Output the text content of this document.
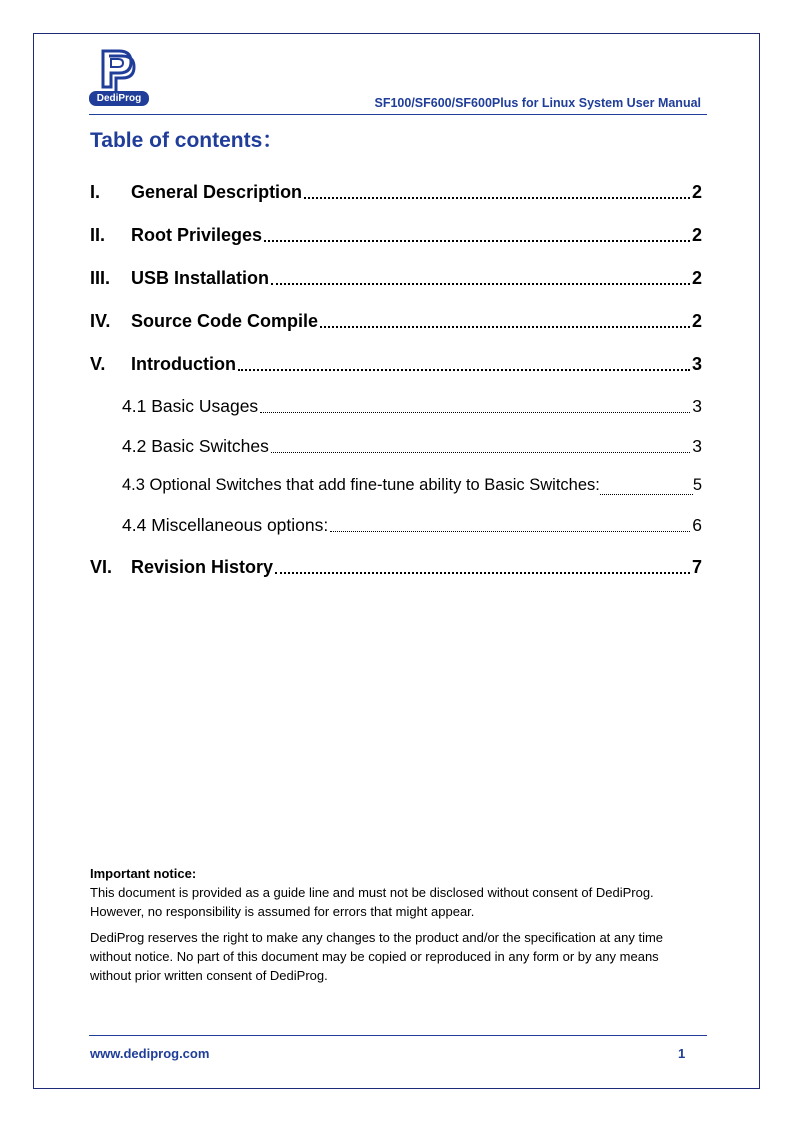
DediProg	SF100/SF600/SF600Plus for Linux System User Manual
Table of contents：
I.	General Description	2
II.	Root Privileges	2
III.	USB Installation	2
IV.	Source Code Compile	2
V.	Introduction	3
4.1 Basic Usages	3
4.2 Basic Switches	3
4.3 Optional Switches that add fine-tune ability to Basic Switches:	5
4.4 Miscellaneous options:	6
VI.	Revision History	7
Important notice:

This document is provided as a guide line and must not be disclosed without consent of DediProg. However, no responsibility is assumed for errors that might appear.

DediProg reserves the right to make any changes to the product and/or the specification at any time without notice. No part of this document may be copied or reproduced in any form or by any means without prior written consent of DediProg.

www.dediprog.com	1
